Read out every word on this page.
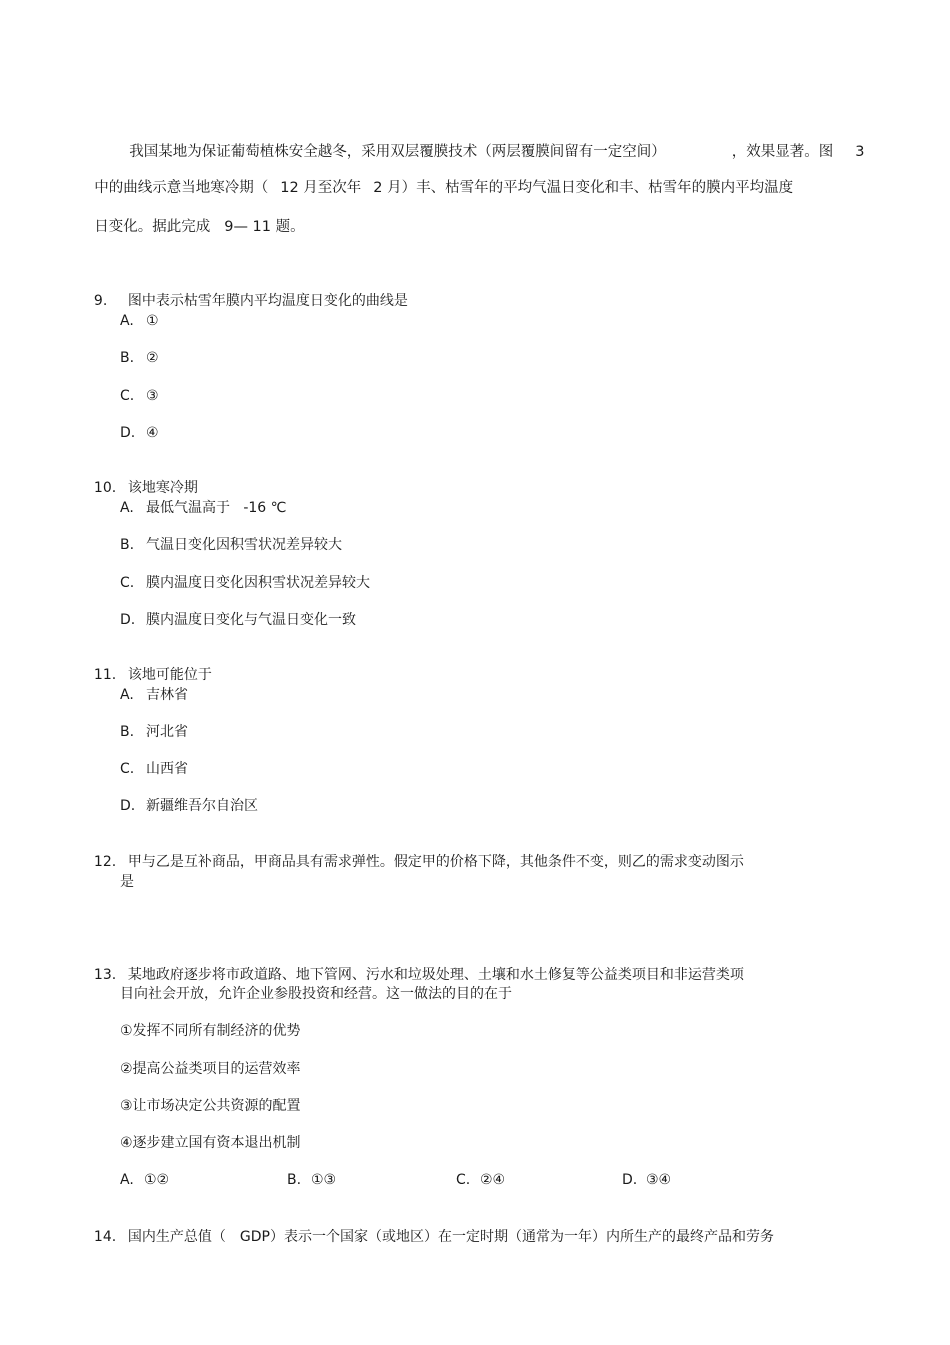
我国某地为保证葡萄植株安全越冬，采用双层覆膜技术（两层覆膜间留有一定空间）	，效果显著。图 3

中的曲线示意当地寒冷期（ 12 月至次年 2 月）丰、枯雪年的平均气温日变化和丰、枯雪年的膜内平均温度

日变化。据此完成 9— 11 题。

9. 图中表示枯雪年膜内平均温度日变化的曲线是

A. ①
B. ②
C. ③
D. ④

10. 该地寒冷期

A. 最低气温高于   -16 ℃
B. 气温日变化因积雪状况差异较大
C. 膜内温度日变化因积雪状况差异较大
D. 膜内温度日变化与气温日变化一致

11. 该地可能位于

A. 吉林省
B. 河北省
C. 山西省
D. 新疆维吾尔自治区

12. 甲与乙是互补商品，甲商品具有需求弹性。假定甲的价格下降，其他条件不变，则乙的需求变动图示

是

13. 某地政府逐步将市政道路、地下管网、污水和垃圾处理、土壤和水土修复等公益类项目和非运营类项

目向社会开放，允许企业参股投资和经营。这一做法的目的在于
①发挥不同所有制经济的优势
②提高公益类项目的运营效率
③让市场决定公共资源的配置
④逐步建立国有资本退出机制
A. ①②	B. ①③	C. ②④	D. ③④

14. 国内生产总值（ GDP）表示一个国家（或地区）在一定时期（通常为一年）内所生产的最终产品和劳务
